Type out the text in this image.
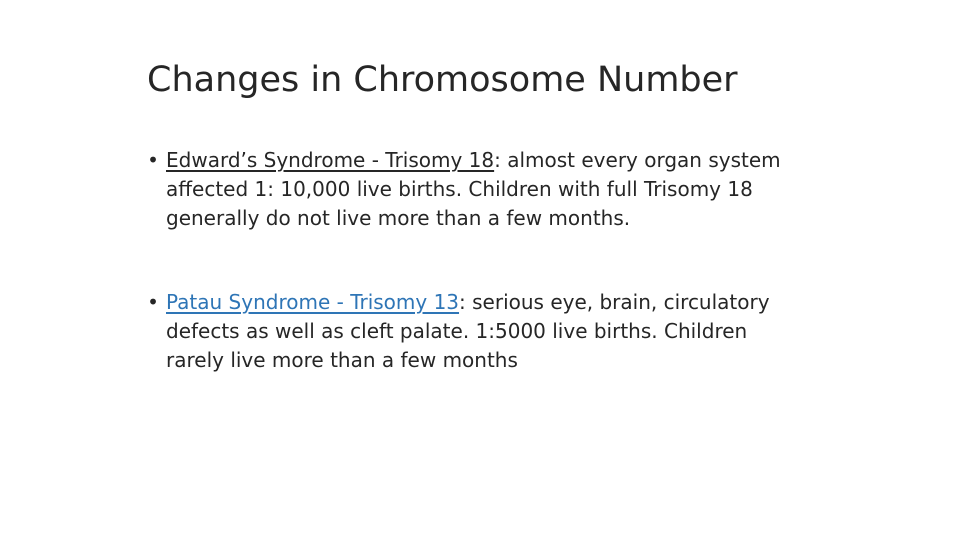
Changes in Chromosome Number
• Edward’s Syndrome - Trisomy 18: almost every organ system affected 1: 10,000 live births. Children with full Trisomy 18 generally do not live more than a few months.
• Patau Syndrome - Trisomy 13: serious eye, brain, circulatory defects as well as cleft palate. 1:5000 live births. Children rarely live more than a few months
